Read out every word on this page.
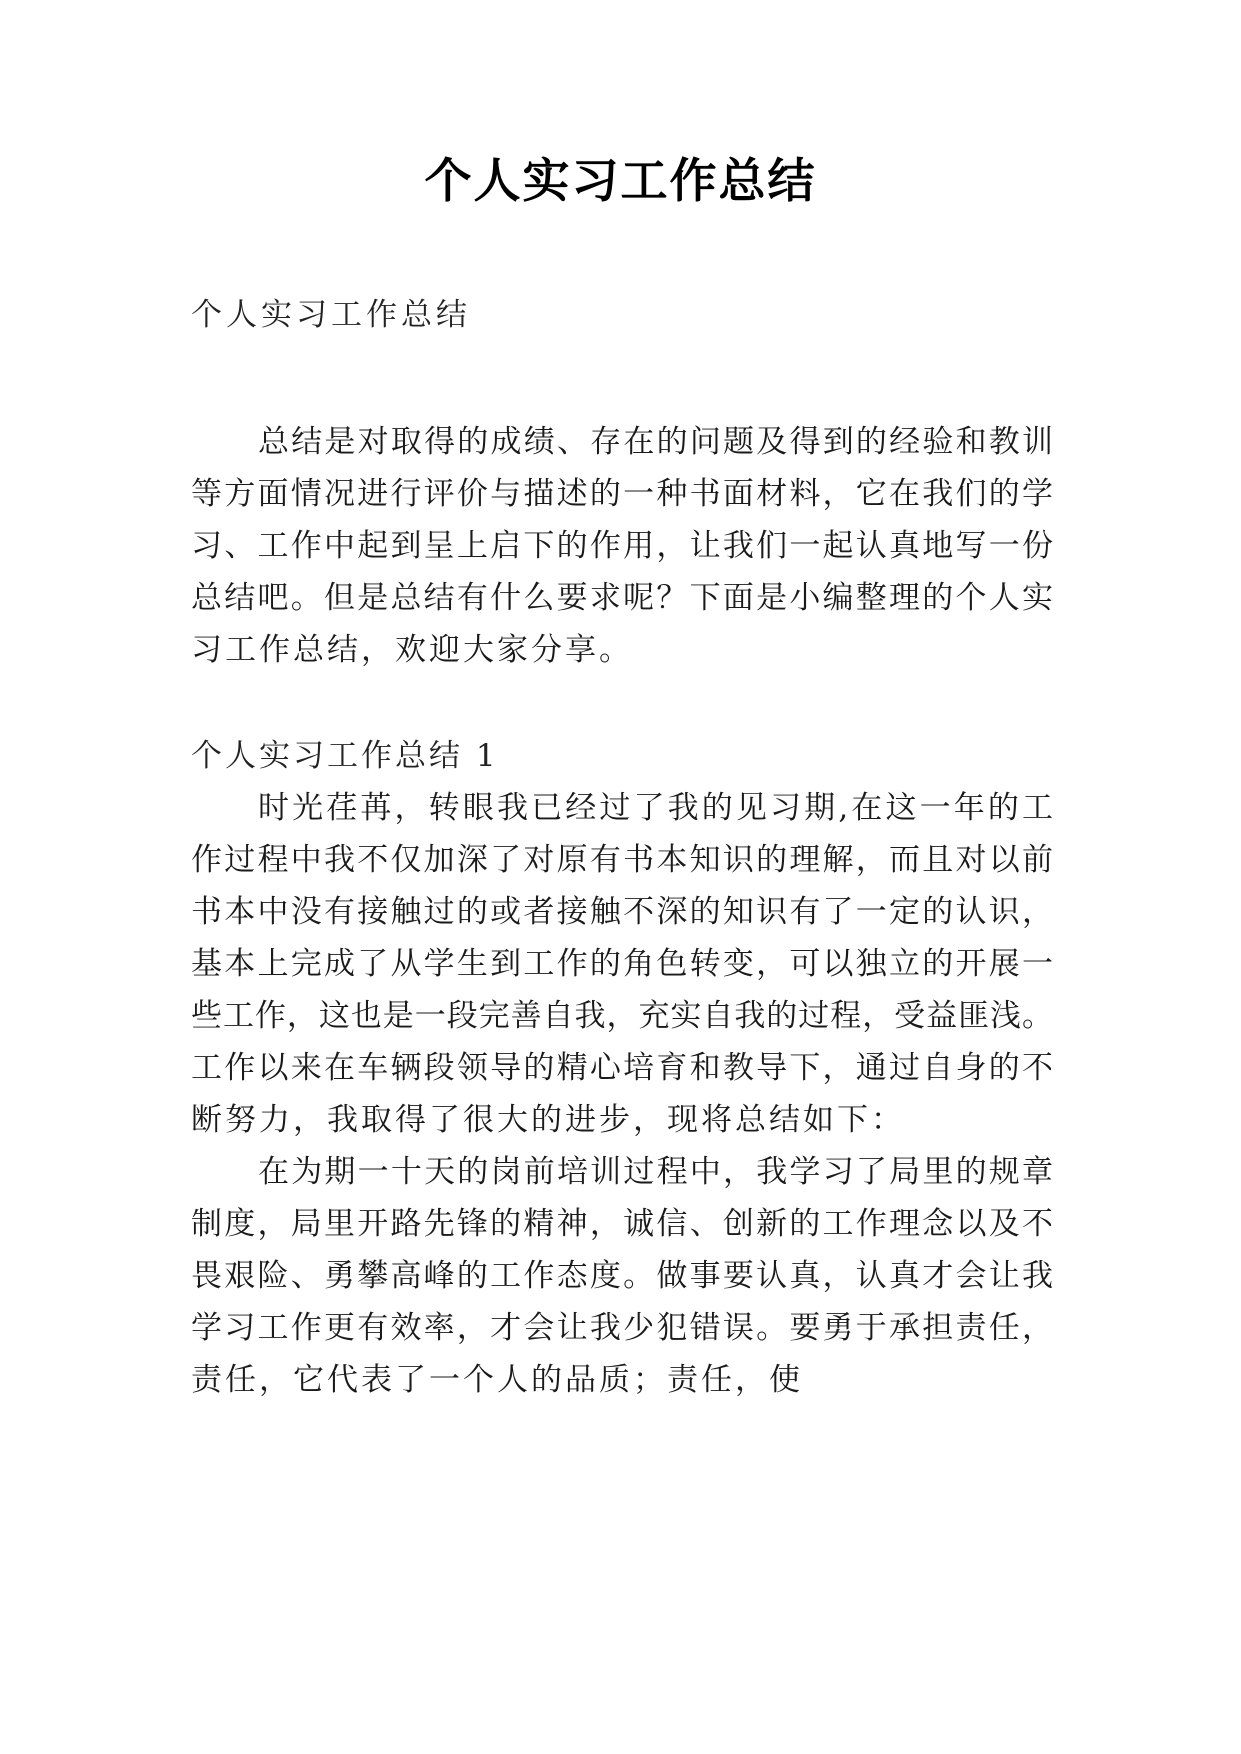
个人实习工作总结
个人实习工作总结
总结是对取得的成绩、存在的问题及得到的经验和教训
等方面情况进行评价与描述的一种书面材料，它在我们的学
习、工作中起到呈上启下的作用，让我们一起认真地写一份
总结吧。但是总结有什么要求呢？下面是小编整理的个人实
习工作总结，欢迎大家分享。
个人实习工作总结 1
时光荏苒，转眼我已经过了我的见习期,在这一年的工
作过程中我不仅加深了对原有书本知识的理解，而且对以前
书本中没有接触过的或者接触不深的知识有了一定的认识，
基本上完成了从学生到工作的角色转变，可以独立的开展一
些工作，这也是一段完善自我，充实自我的过程，受益匪浅。
工作以来在车辆段领导的精心培育和教导下，通过自身的不
断努力，我取得了很大的进步，现将总结如下：
在为期一十天的岗前培训过程中，我学习了局里的规章
制度，局里开路先锋的精神，诚信、创新的工作理念以及不
畏艰险、勇攀高峰的工作态度。做事要认真，认真才会让我
学习工作更有效率，才会让我少犯错误。要勇于承担责任，
责任，它代表了一个人的品质；责任，使
